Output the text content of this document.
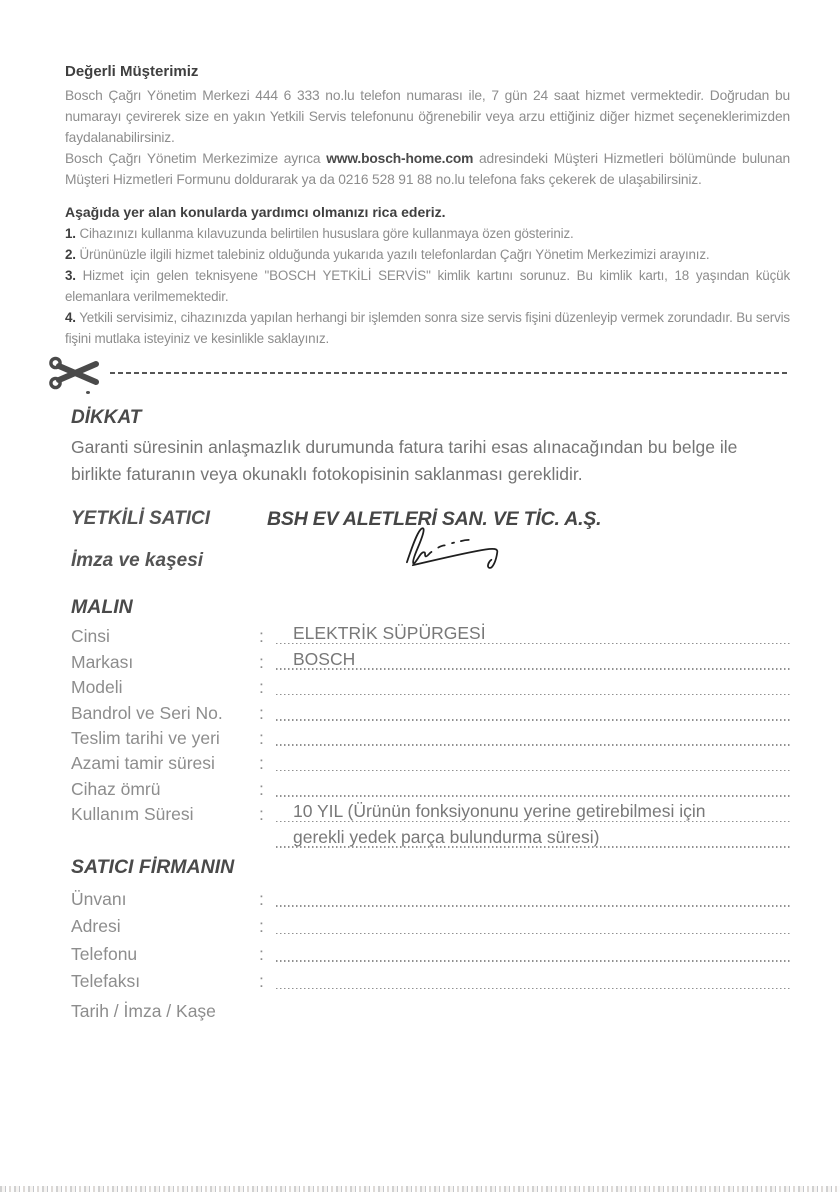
Değerli Müşterimiz

Bosch Çağrı Yönetim Merkezi 444 6 333 no.lu telefon numarası ile, 7 gün 24 saat hizmet vermektedir. Doğrudan bu numarayı çevirerek size en yakın Yetkili Servis telefonunu öğrenebilir veya arzu ettiğiniz diğer hizmet seçeneklerimizden faydalanabilirsiniz.

Bosch Çağrı Yönetim Merkezimize ayrıca www.bosch-home.com adresindeki Müşteri Hizmetleri bölümünde bulunan Müşteri Hizmetleri Formunu doldurarak ya da 0216 528 91 88 no.lu telefona faks çekerek de ulaşabilirsiniz.

Aşağıda yer alan konularda yardımcı olmanızı rica ederiz.

1. Cihazınızı kullanma kılavuzunda belirtilen hususlara göre kullanmaya özen gösteriniz.

2. Ürününüzle ilgili hizmet talebiniz olduğunda yukarıda yazılı telefonlardan Çağrı Yönetim Merkezimizi arayınız.

3. Hizmet için gelen teknisyene "BOSCH YETKİLİ SERVİS" kimlik kartını sorunuz. Bu kimlik kartı, 18 yaşından küçük elemanlara verilmemektedir.

4. Yetkili servisimiz, cihazınızda yapılan herhangi bir işlemden sonra size servis fişini düzenleyip vermek zorundadır. Bu servis fişini mutlaka isteyiniz ve kesinlikle saklayınız.

DİKKAT

Garanti süresinin anlaşmazlık durumunda fatura tarihi esas alınacağından bu belge ile birlikte faturanın veya okunaklı fotokopisinin saklanması gereklidir.

YETKİLİ SATICI	BSH EV ALETLERİ SAN. VE TİC. A.Ş.
İmza ve kaşesi
MALIN
Cinsi	:	ELEKTRİK SÜPÜRGESİ
Markası	:	BOSCH
Modeli	:
Bandrol ve Seri No.	:
Teslim tarihi ve yeri	:
Azami tamir süresi	:
Cihaz ömrü	:
Kullanım Süresi	:	10 YIL (Ürünün fonksiyonunu yerine getirebilmesi için
gerekli yedek parça bulundurma süresi)
SATICI FİRMANIN
Ünvanı	:
Adresi	:
Telefonu	:
Telefaksı	:
Tarih / İmza / Kaşe
